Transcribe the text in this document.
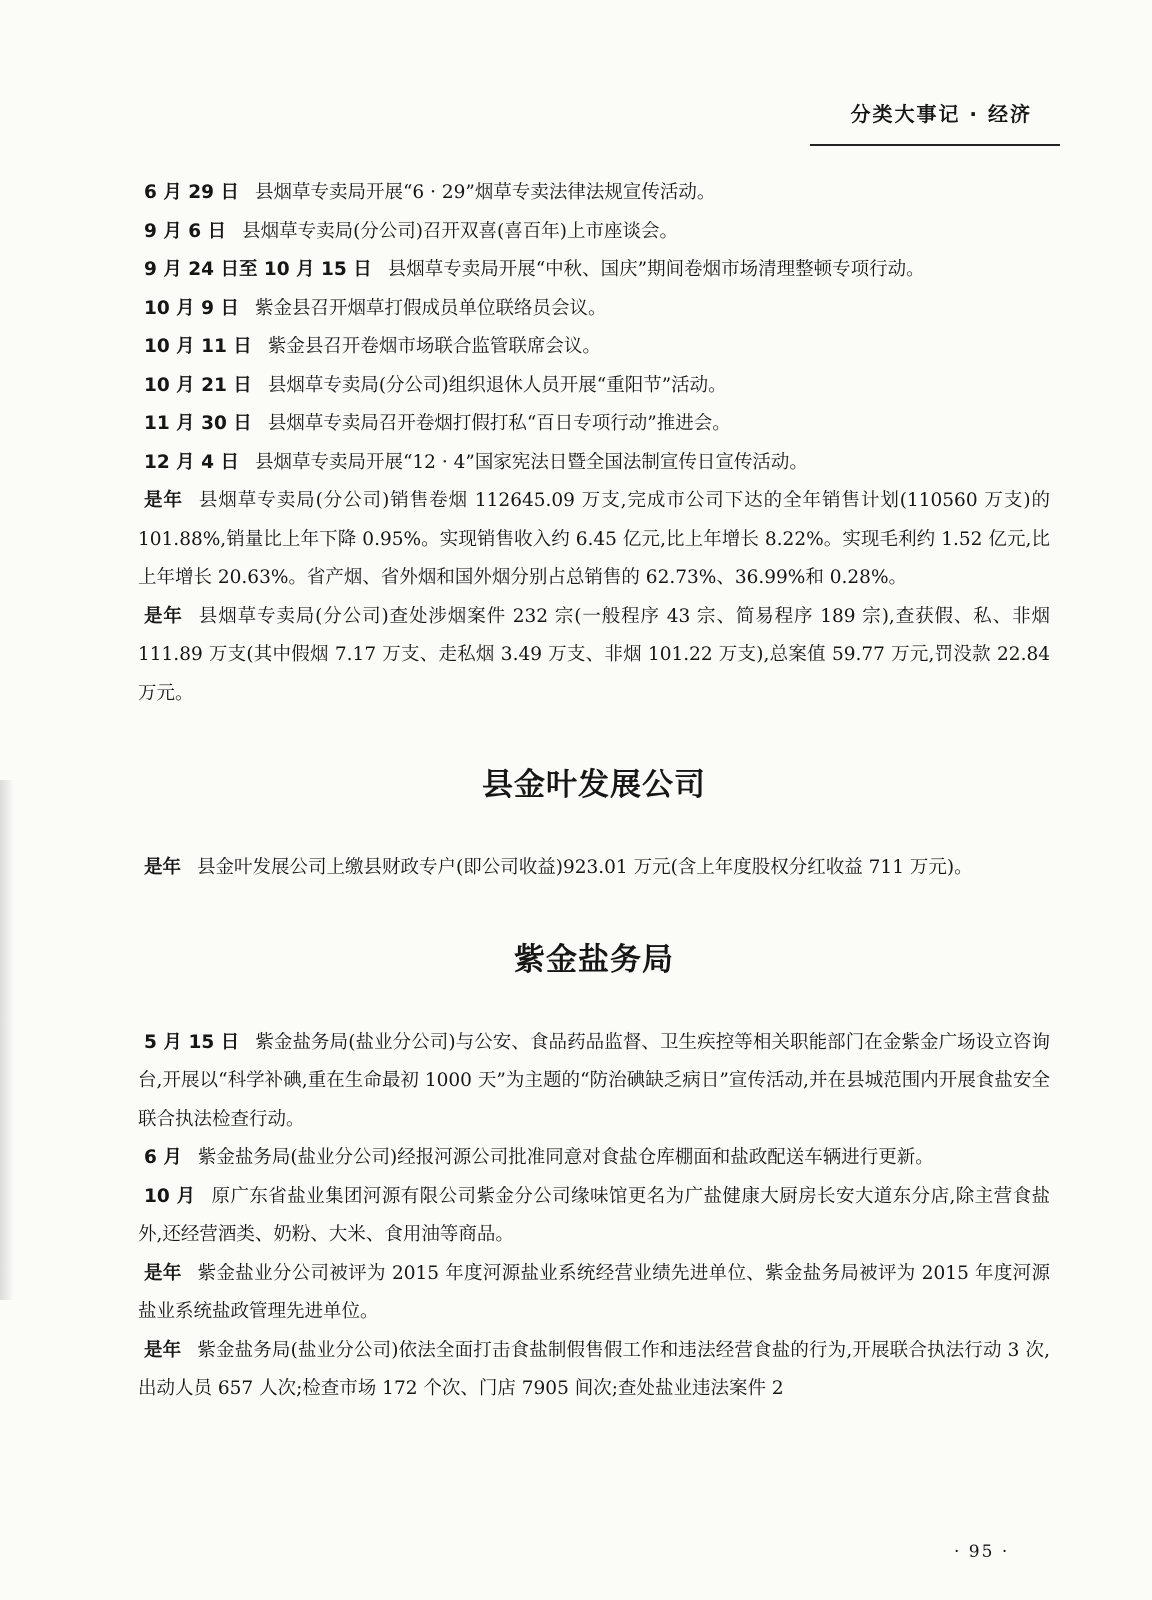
分类大事记 · 经济

6 月 29 日 县烟草专卖局开展“6 · 29”烟草专卖法律法规宣传活动。

9 月 6 日 县烟草专卖局(分公司)召开双喜(喜百年)上市座谈会。

9 月 24 日至 10 月 15 日 县烟草专卖局开展“中秋、国庆”期间卷烟市场清理整顿专项行动。

10 月 9 日 紫金县召开烟草打假成员单位联络员会议。

10 月 11 日 紫金县召开卷烟市场联合监管联席会议。

10 月 21 日 县烟草专卖局(分公司)组织退休人员开展“重阳节”活动。

11 月 30 日 县烟草专卖局召开卷烟打假打私“百日专项行动”推进会。

12 月 4 日 县烟草专卖局开展“12 · 4”国家宪法日暨全国法制宣传日宣传活动。

是年 县烟草专卖局(分公司)销售卷烟 112645.09 万支,完成市公司下达的全年销售计划(110560 万支)的 101.88%,销量比上年下降 0.95%。实现销售收入约 6.45 亿元,比上年增长 8.22%。实现毛利约 1.52 亿元,比上年增长 20.63%。省产烟、省外烟和国外烟分别占总销售的 62.73%、36.99%和 0.28%。

是年 县烟草专卖局(分公司)查处涉烟案件 232 宗(一般程序 43 宗、简易程序 189 宗),查获假、私、非烟 111.89 万支(其中假烟 7.17 万支、走私烟 3.49 万支、非烟 101.22 万支),总案值 59.77 万元,罚没款 22.84 万元。

县金叶发展公司

是年 县金叶发展公司上缴县财政专户(即公司收益)923.01 万元(含上年度股权分红收益 711 万元)。

紫金盐务局

5 月 15 日 紫金盐务局(盐业分公司)与公安、食品药品监督、卫生疾控等相关职能部门在金紫金广场设立咨询台,开展以“科学补碘,重在生命最初 1000 天”为主题的“防治碘缺乏病日”宣传活动,并在县城范围内开展食盐安全联合执法检查行动。

6 月 紫金盐务局(盐业分公司)经报河源公司批准同意对食盐仓库棚面和盐政配送车辆进行更新。

10 月 原广东省盐业集团河源有限公司紫金分公司缘味馆更名为广盐健康大厨房长安大道东分店,除主营食盐外,还经营酒类、奶粉、大米、食用油等商品。

是年 紫金盐业分公司被评为 2015 年度河源盐业系统经营业绩先进单位、紫金盐务局被评为 2015 年度河源盐业系统盐政管理先进单位。

是年 紫金盐务局(盐业分公司)依法全面打击食盐制假售假工作和违法经营食盐的行为,开展联合执法行动 3 次,出动人员 657 人次;检查市场 172 个次、门店 7905 间次;查处盐业违法案件 2

· 95 ·
